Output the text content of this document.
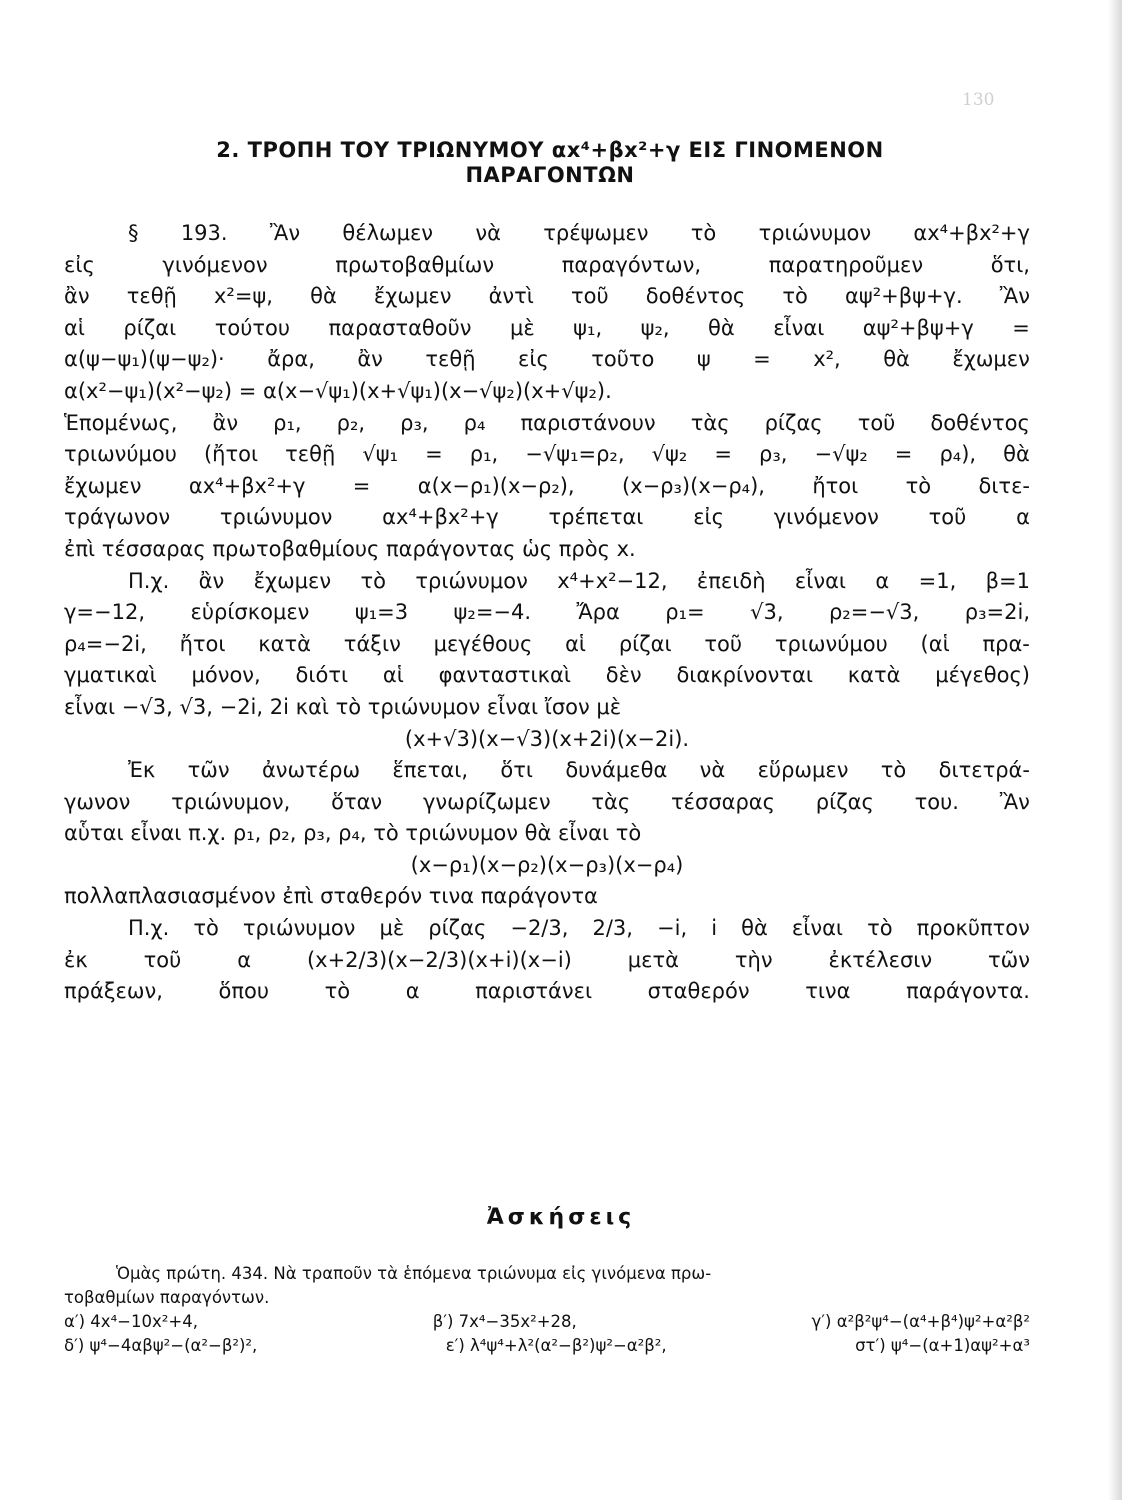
130
2. ΤΡΟΠΗ ΤΟΥ ΤΡΙΩΝΥΜΟΥ αx⁴+βx²+γ ΕΙΣ ΓΙΝΟΜΕΝΟΝ
ΠΑΡΑΓΟΝΤΩΝ
§ 193. Ἂν θέλωμεν νὰ τρέψωμεν τὸ τριώνυμον αx⁴+βx²+γ
εἰς	γινόμενον	πρωτοβαθμίων	παραγόντων,	παρατηροῦμεν	ὅτι,
ἂν τεθῇ x²=ψ, θὰ ἔχωμεν ἀντὶ τοῦ δοθέντος τὸ αψ²+βψ+γ. Ἂν
αἱ ρίζαι τούτου παρασταθοῦν μὲ ψ₁, ψ₂, θὰ εἶναι αψ²+βψ+γ =
α(ψ−ψ₁)(ψ−ψ₂)· ἄρα, ἂν τεθῇ εἰς τοῦτο ψ = x², θὰ ἔχωμεν
α(x²−ψ₁)(x²−ψ₂) = α(x−√ψ₁)(x+√ψ₁)(x−√ψ₂)(x+√ψ₂).
Ἑπομένως, ἂν ρ₁, ρ₂, ρ₃, ρ₄ παριστάνουν τὰς ρίζας τοῦ δοθέντος
τριωνύμου (ἤτοι τεθῇ √ψ₁ = ρ₁, −√ψ₁=ρ₂, √ψ₂ = ρ₃, −√ψ₂ = ρ₄), θὰ
ἔχωμεν αx⁴+βx²+γ = α(x−ρ₁)(x−ρ₂), (x−ρ₃)(x−ρ₄), ἤτοι τὸ διτε-
τράγωνον τριώνυμον αx⁴+βx²+γ τρέπεται εἰς γινόμενον τοῦ α
ἐπὶ τέσσαρας πρωτοβαθμίους παράγοντας ὡς πρὸς x.
Π.χ. ἂν ἔχωμεν τὸ τριώνυμον x⁴+x²−12, ἐπειδὴ εἶναι α =1, β=1
γ=−12, εὑρίσκομεν ψ₁=3 ψ₂=−4. Ἄρα ρ₁= √3, ρ₂=−√3, ρ₃=2i,
ρ₄=−2i, ἤτοι κατὰ τάξιν μεγέθους αἱ ρίζαι τοῦ τριωνύμου (αἱ πρα-
γματικαὶ μόνον, διότι αἱ φανταστικαὶ δὲν διακρίνονται κατὰ μέγεθος)
εἶναι −√3, √3, −2i, 2i καὶ τὸ τριώνυμον εἶναι ἴσον μὲ
(x+√3)(x−√3)(x+2i)(x−2i).
Ἐκ τῶν ἀνωτέρω ἕπεται, ὅτι δυνάμεθα νὰ εὕρωμεν τὸ διτετρά-
γωνον τριώνυμον, ὅταν γνωρίζωμεν τὰς τέσσαρας ρίζας του. Ἂν
αὗται εἶναι π.χ. ρ₁, ρ₂, ρ₃, ρ₄, τὸ τριώνυμον θὰ εἶναι τὸ
(x−ρ₁)(x−ρ₂)(x−ρ₃)(x−ρ₄)
πολλαπλασιασμένον ἐπὶ σταθερόν τινα παράγοντα
Π.χ. τὸ τριώνυμον μὲ ρίζας −2/3, 2/3, −i, i θὰ εἶναι τὸ προκῦπτον
ἐκ	τοῦ	α	(x+2/3)(x−2/3)(x+i)(x−i)	μετὰ	τὴν	ἐκτέλεσιν	τῶν
πράξεων,	ὅπου	τὸ	α	παριστάνει	σταθερόν	τινα	παράγοντα.
Ἀσκήσεις
Ὁμὰς πρώτη. 434. Νὰ τραποῦν τὰ ἑπόμενα τριώνυμα εἰς γινόμενα πρω-
τοβαθμίων παραγόντων.
α′) 4x⁴−10x²+4,	β′) 7x⁴−35x²+28,	γ′) α²β²ψ⁴−(α⁴+β⁴)ψ²+α²β²
δ′) ψ⁴−4αβψ²−(α²−β²)²,	ε′) λ⁴ψ⁴+λ²(α²−β²)ψ²−α²β²,	στ′) ψ⁴−(α+1)αψ²+α³
